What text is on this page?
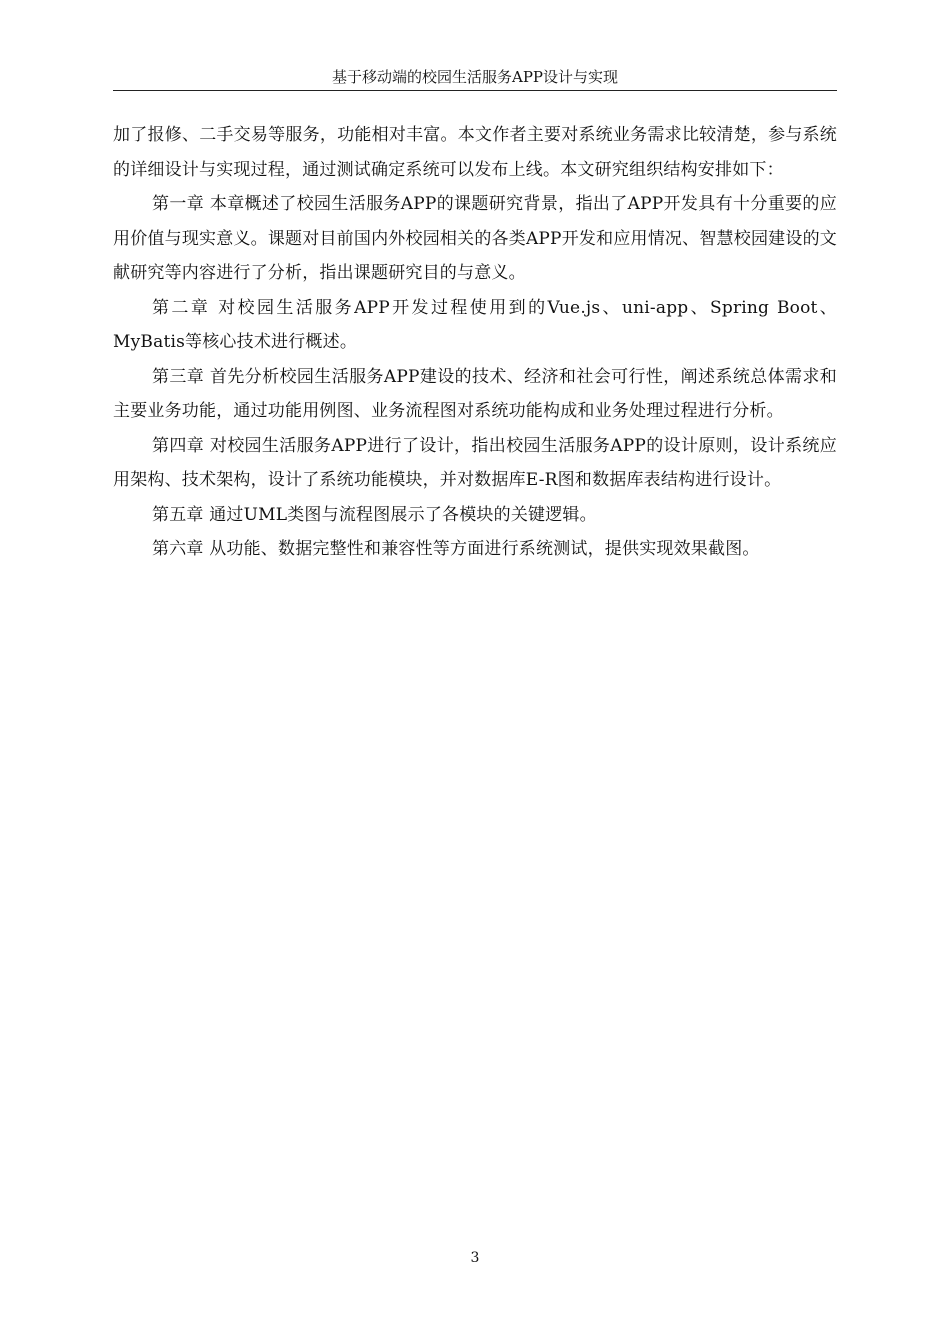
基于移动端的校园生活服务APP设计与实现

加了报修、二手交易等服务，功能相对丰富。本文作者主要对系统业务需求比较清楚，参与系统的详细设计与实现过程，通过测试确定系统可以发布上线。本文研究组织结构安排如下：

第一章 本章概述了校园生活服务APP的课题研究背景，指出了APP开发具有十分重要的应用价值与现实意义。课题对目前国内外校园相关的各类APP开发和应用情况、智慧校园建设的文献研究等内容进行了分析，指出课题研究目的与意义。

第二章 对校园生活服务APP开发过程使用到的Vue.js、uni-app、Spring Boot、MyBatis等核心技术进行概述。

第三章 首先分析校园生活服务APP建设的技术、经济和社会可行性，阐述系统总体需求和主要业务功能，通过功能用例图、业务流程图对系统功能构成和业务处理过程进行分析。

第四章 对校园生活服务APP进行了设计，指出校园生活服务APP的设计原则，设计系统应用架构、技术架构，设计了系统功能模块，并对数据库E-R图和数据库表结构进行设计。

第五章 通过UML类图与流程图展示了各模块的关键逻辑。

第六章 从功能、数据完整性和兼容性等方面进行系统测试，提供实现效果截图。

3
